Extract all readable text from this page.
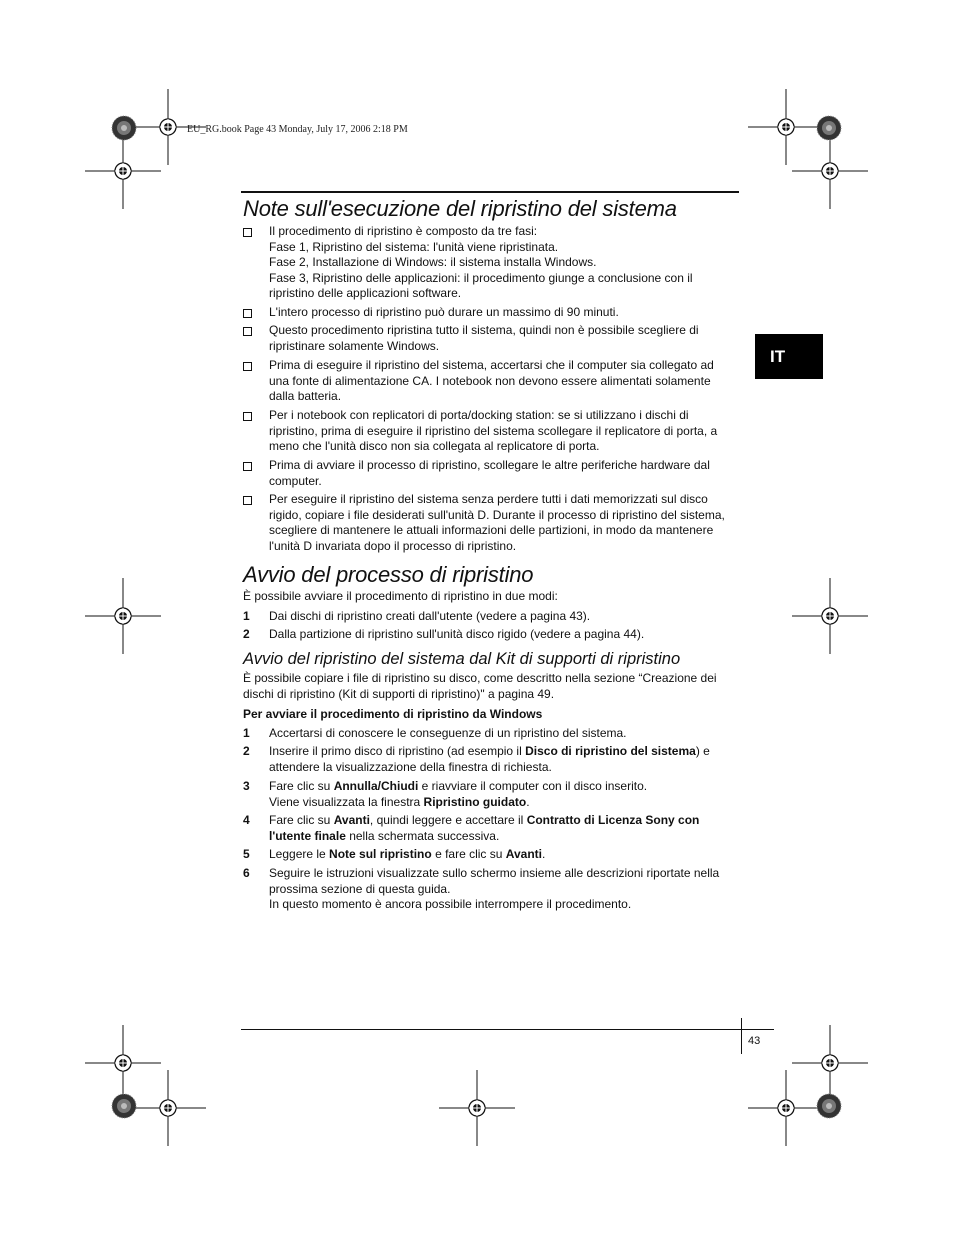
EU_RG.book Page 43 Monday, July 17, 2006 2:18 PM
Note sull'esecuzione del ripristino del sistema
Il procedimento di ripristino è composto da tre fasi:
Fase 1, Ripristino del sistema: l'unità viene ripristinata.
Fase 2, Installazione di Windows: il sistema installa Windows.
Fase 3, Ripristino delle applicazioni: il procedimento giunge a conclusione con il
ripristino delle applicazioni software.
L'intero processo di ripristino può durare un massimo di 90 minuti.
Questo procedimento ripristina tutto il sistema, quindi non è possibile scegliere di
ripristinare solamente Windows.
Prima di eseguire il ripristino del sistema, accertarsi che il computer sia collegato ad
una fonte di alimentazione CA. I notebook non devono essere alimentati solamente
dalla batteria.
Per i notebook con replicatori di porta/docking station: se si utilizzano i dischi di
ripristino, prima di eseguire il ripristino del sistema scollegare il replicatore di porta, a
meno che l'unità disco non sia collegata al replicatore di porta.
Prima di avviare il processo di ripristino, scollegare le altre periferiche hardware dal
computer.
Per eseguire il ripristino del sistema senza perdere tutti i dati memorizzati sul disco
rigido, copiare i file desiderati sull'unità D. Durante il processo di ripristino del sistema,
scegliere di mantenere le attuali informazioni delle partizioni, in modo da mantenere
l'unità D invariata dopo il processo di ripristino.
Avvio del processo di ripristino
È possibile avviare il procedimento di ripristino in due modi:
1	Dai dischi di ripristino creati dall'utente (vedere a pagina 43).
2	Dalla partizione di ripristino sull'unità disco rigido (vedere a pagina 44).
Avvio del ripristino del sistema dal Kit di supporti di ripristino
È possibile copiare i file di ripristino su disco, come descritto nella sezione “Creazione dei
dischi di ripristino (Kit di supporti di ripristino)" a pagina 49.
Per avviare il procedimento di ripristino da Windows
1	Accertarsi di conoscere le conseguenze di un ripristino del sistema.
2	Inserire il primo disco di ripristino (ad esempio il Disco di ripristino del sistema) e
attendere la visualizzazione della finestra di richiesta.
3	Fare clic su Annulla/Chiudi e riavviare il computer con il disco inserito.
Viene visualizzata la finestra Ripristino guidato.
4	Fare clic su Avanti, quindi leggere e accettare il Contratto di Licenza Sony con
l'utente finale nella schermata successiva.
5	Leggere le Note sul ripristino e fare clic su Avanti.
6	Seguire le istruzioni visualizzate sullo schermo insieme alle descrizioni riportate nella
prossima sezione di questa guida.
In questo momento è ancora possibile interrompere il procedimento.
IT
43
